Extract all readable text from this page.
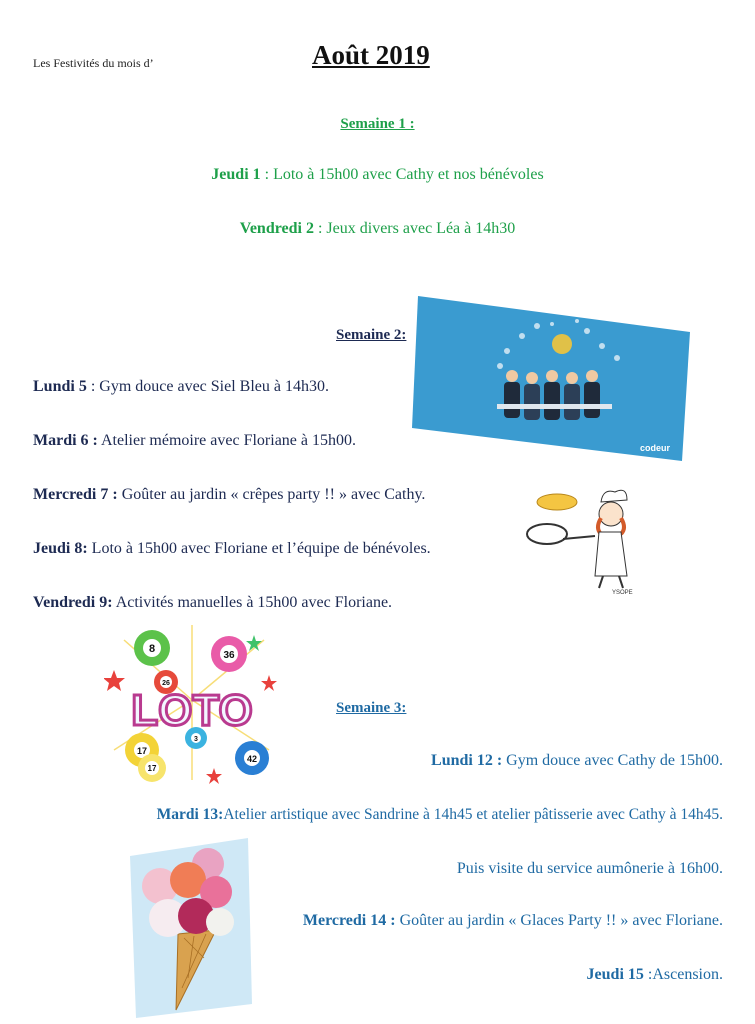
Les Festivités du mois d’	Août 2019
Semaine 1 :
Jeudi 1 : Loto à 15h00 avec Cathy et nos bénévoles
Vendredi 2 : Jeux divers avec Léa à 14h30
codeur
Semaine 2:
Lundi 5 : Gym douce avec Siel Bleu à 14h30.
Mardi 6 : Atelier mémoire avec Floriane à 15h00.
Mercredi 7 : Goûter au jardin « crêpes party !! » avec Cathy.
Jeudi 8: Loto à 15h00 avec Floriane et l’équipe de bénévoles.
Vendredi 9: Activités manuelles à 15h00 avec Floriane.
YSOPE
8
36
26
3
17
17
42
LOTO	Semaine 3:
Lundi 12 : Gym douce avec Cathy de 15h00.
Mardi 13:Atelier artistique avec Sandrine à 14h45 et atelier pâtisserie avec Cathy à 14h45.
Puis visite du service aumônerie à 16h00.
Mercredi 14 : Goûter au jardin « Glaces Party !! » avec Floriane.
Jeudi 15 :Ascension.
